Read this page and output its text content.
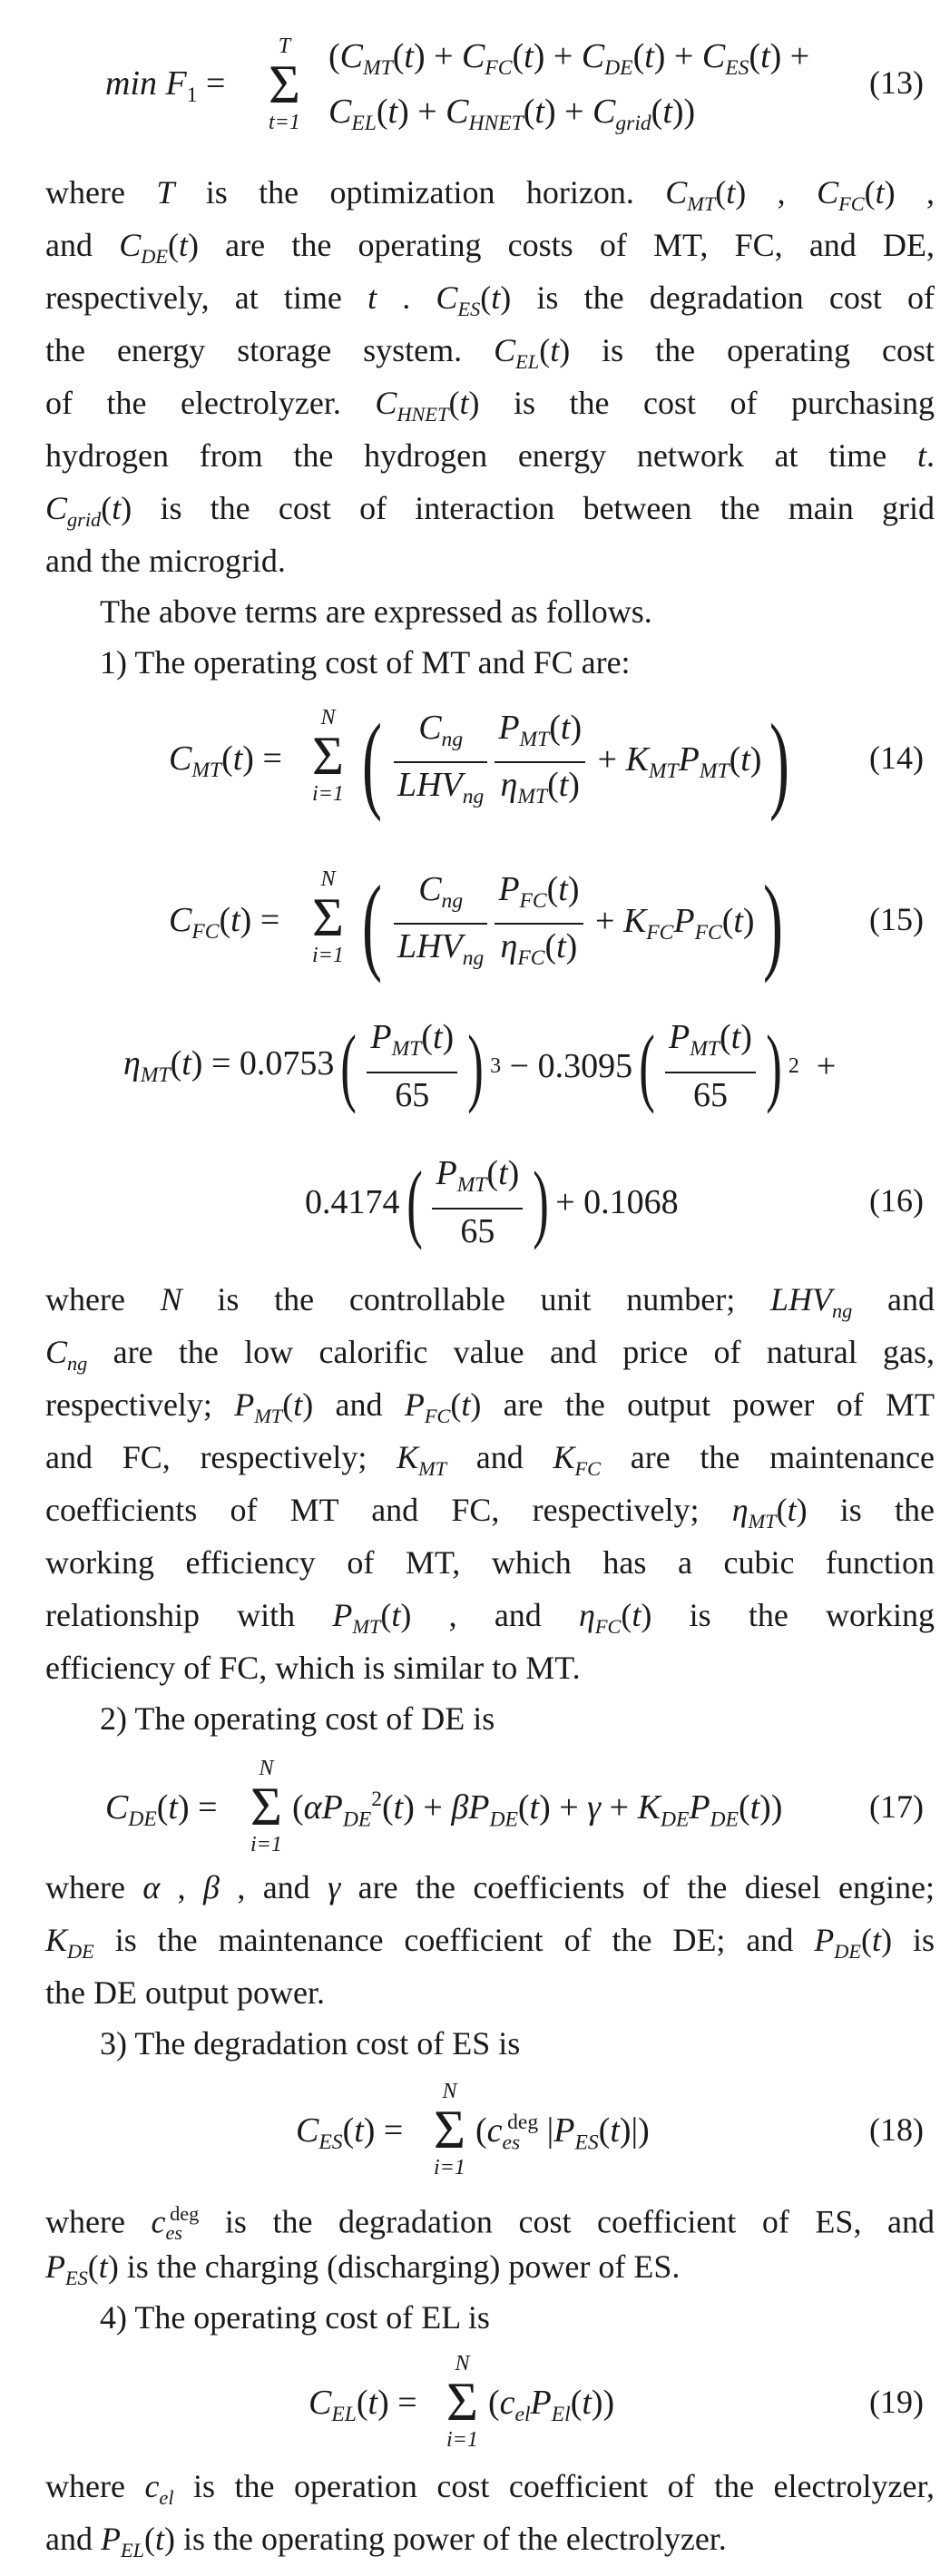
$\min F_1$ =
T
Σ
t=1
($C_{MT}(t) + C_{FC}(t) + C_{DE}(t) + C_{ES}(t)$ +
$C_{EL}(t) + C_{HNET}(t) + C_{grid}(t)$)
(13)
where T is the optimization horizon. $C_{MT}(t)$ , $C_{FC}(t)$ ,
and $C_{DE}(t)$ are the operating costs of MT, FC, and DE,
respectively, at time t . $C_{ES}(t)$ is the degradation cost of
the energy storage system. $C_{EL}(t)$ is the operating cost
of the electrolyzer. $C_{HNET}(t)$ is the cost of purchasing
hydrogen from the hydrogen energy network at time t.
$C_{grid}(t)$ is the cost of interaction between the main grid
and the microgrid.
The above terms are expressed as follows.
1) The operating cost of MT and FC are:
$C_{MT}(t)$ =
N
Σ
i=1 ( $\frac{C_{ng}}{LHV_{ng}} \frac{P_{MT}(t)}{\eta_{MT}(t)} + K_{MT}P_{MT}(t)$ ) (14)
$C_{FC}(t)$ =
N
Σ
i=1 ( $\frac{C_{ng}}{LHV_{ng}} \frac{P_{FC}(t)}{\eta_{FC}(t)} + K_{FC}P_{FC}(t)$ )	(15)
$\eta_{MT}(t) = 0.0753$ ( $\frac{P_{MT}(t)}{65}$ ) 3 − 0.3095 ( $\frac{P_{MT}(t)}{65}$ ) 2 +
0.4174 ( $\frac{P_{MT}(t)}{65}$ ) + 0.1068	(16)
where N is the controllable unit number; $LHV_{ng}$ and
$C_{ng}$ are the low calorific value and price of natural gas,
respectively; $P_{MT}(t)$ and $P_{FC}(t)$ are the output power of MT
and FC, respectively; $K_{MT}$ and $K_{FC}$ are the maintenance
coefficients of MT and FC, respectively; $\eta_{MT}(t)$ is the
working efficiency of MT, which has a cubic function
relationship with $P_{MT}(t)$ , and $\eta_{FC}(t)$ is the working
efficiency of FC, which is similar to MT.
2) The operating cost of DE is
$C_{DE}(t)$ =
N
Σ
i=1
$(\alpha P_{DE}^2(t) + \beta P_{DE}(t) + \gamma + K_{DE}P_{DE}(t))$	(17)
where α , β , and γ are the coefficients of the diesel engine;
$K_{DE}$ is the maintenance coefficient of the DE; and $P_{DE}(t)$ is
the DE output power.
3) The degradation cost of ES is
$C_{ES}(t)$ =
N
Σ
i=1
($c_{es}^{deg}$ $|P_{ES}(t)|$)	(18)
where $c_{es}^{deg}$ is the degradation cost coefficient of ES, and
$P_{ES}(t)$ is the charging (discharging) power of ES.
4) The operating cost of EL is
$C_{EL}(t)$ =
N
Σ
i=1
$(c_{el}P_{El}(t))$	(19)
where $c_{el}$ is the operation cost coefficient of the electrolyzer,
and $P_{EL}(t)$ is the operating power of the electrolyzer.
